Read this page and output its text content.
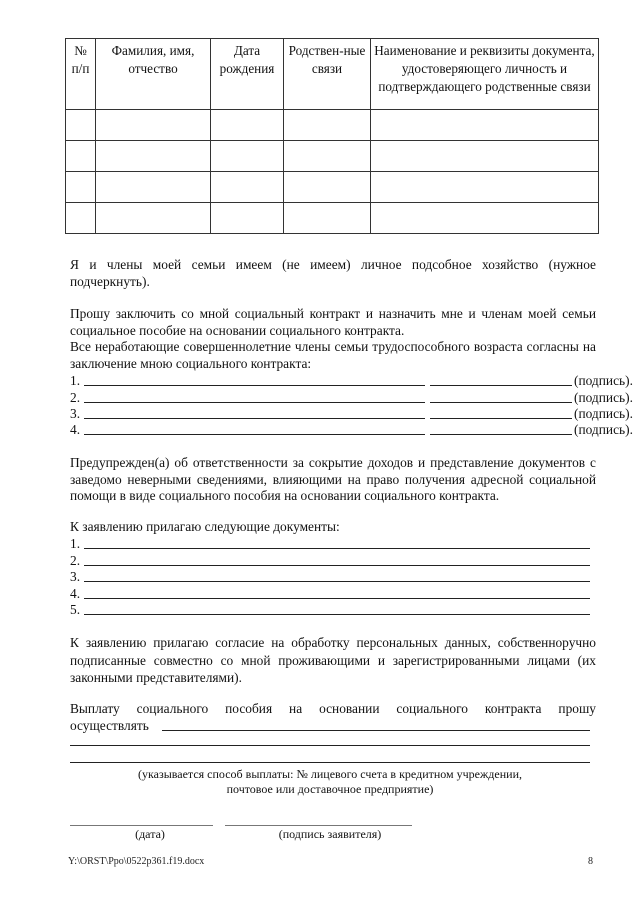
№ п/п	Фамилия, имя, отчество	Дата рождения	Родствен-ные связи	Наименование и реквизиты документа, удостоверяющего личность и подтверждающего родственные связи

Я и члены моей семьи имеем (не имеем) личное подсобное хозяйство (нужное подчеркнуть).
Прошу заключить со мной социальный контракт и назначить мне и членам моей семьи социальное пособие на основании социального контракта.
Все неработающие совершеннолетние члены семьи трудоспособного возраста согласны на заключение мною социального контракта:
1.	(подпись).
2.	(подпись).
3.	(подпись).
4.	(подпись).
Предупрежден(а) об ответственности за сокрытие доходов и представление документов с заведомо неверными сведениями, влияющими на право получения адресной социальной помощи в виде социального пособия на основании социального контракта.
К заявлению прилагаю следующие документы:
1.
2.
3.
4.
5.
К заявлению прилагаю согласие на обработку персональных данных, собственноручно подписанные совместно со мной проживающими и зарегистрированными лицами (их законными представителями).
Выплату социального пособия на основании социального контракта прошу
осуществлять
(указывается способ выплаты: № лицевого счета в кредитном учреждении,
почтовое или доставочное предприятие)
(дата)	(подпись заявителя)
Y:\ORST\Ppo\0522p361.f19.docx	8
